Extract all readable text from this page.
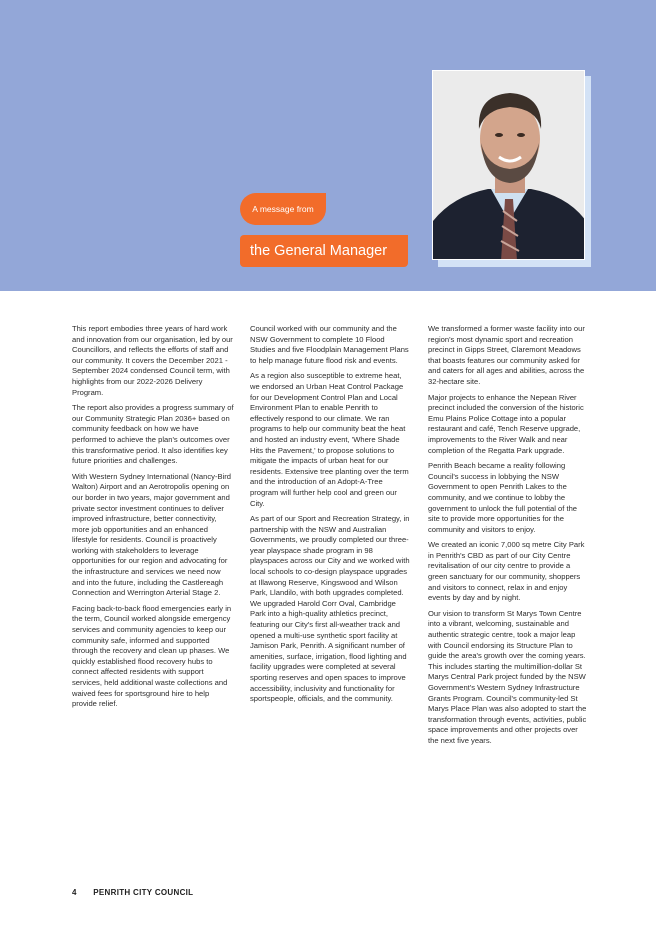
A message from
the General Manager

This report embodies three years of hard work and innovation from our organisation, led by our Councillors, and reflects the efforts of staff and our community. It covers the December 2021 - September 2024 condensed Council term, with highlights from our 2022-2026 Delivery Program.

The report also provides a progress summary of our Community Strategic Plan 2036+ based on community feedback on how we have performed to achieve the plan's outcomes over this transformative period. It also identifies key future priorities and challenges.

With Western Sydney International (Nancy-Bird Walton) Airport and an Aerotropolis opening on our border in two years, major government and private sector investment continues to deliver improved infrastructure, better connectivity, more job opportunities and an enhanced lifestyle for residents. Council is proactively working with stakeholders to leverage opportunities for our region and advocating for the infrastructure and services we need now and into the future, including the Castlereagh Connection and Werrington Arterial Stage 2.

Facing back-to-back flood emergencies early in the term, Council worked alongside emergency services and community agencies to keep our community safe, informed and supported through the recovery and clean up phases. We quickly established flood recovery hubs to connect affected residents with support services, held additional waste collections and waived fees for sportsground hire to help provide relief.

Council worked with our community and the NSW Government to complete 10 Flood Studies and five Floodplain Management Plans to help manage future flood risk and events.

As a region also susceptible to extreme heat, we endorsed an Urban Heat Control Package for our Development Control Plan and Local Environment Plan to enable Penrith to effectively respond to our climate. We ran programs to help our community beat the heat and hosted an industry event, 'Where Shade Hits the Pavement,' to propose solutions to mitigate the impacts of urban heat for our residents. Extensive tree planting over the term and the introduction of an Adopt-A-Tree program will further help cool and green our City.

As part of our Sport and Recreation Strategy, in partnership with the NSW and Australian Governments, we proudly completed our three-year playspace shade program in 98 playspaces across our City and we worked with local schools to co-design playspace upgrades at Illawong Reserve, Kingswood and Wilson Park, Llandilo, with both upgrades completed. We upgraded Harold Corr Oval, Cambridge Park into a high-quality athletics precinct, featuring our City's first all-weather track and opened a multi-use synthetic sport facility at Jamison Park, Penrith. A significant number of amenities, surface, irrigation, flood lighting and facility upgrades were completed at several sporting reserves and open spaces to improve accessibility, inclusivity and functionality for sportspeople, officials, and the community.

We transformed a former waste facility into our region's most dynamic sport and recreation precinct in Gipps Street, Claremont Meadows that boasts features our community asked for and caters for all ages and abilities, across the 32-hectare site.

Major projects to enhance the Nepean River precinct included the conversion of the historic Emu Plains Police Cottage into a popular restaurant and café, Tench Reserve upgrade, improvements to the River Walk and near completion of the Regatta Park upgrade.

Penrith Beach became a reality following Council's success in lobbying the NSW Government to open Penrith Lakes to the community, and we continue to lobby the government to unlock the full potential of the site to provide more opportunities for the community and visitors to enjoy.

We created an iconic 7,000 sq metre City Park in Penrith's CBD as part of our City Centre revitalisation of our city centre to provide a green sanctuary for our community, shoppers and visitors to connect, relax in and enjoy events by day and by night.

Our vision to transform St Marys Town Centre into a vibrant, welcoming, sustainable and authentic strategic centre, took a major leap with Council endorsing its Structure Plan to guide the area's growth over the coming years. This includes starting the multimillion-dollar St Marys Central Park project funded by the NSW Government's Western Sydney Infrastructure Grants Program. Council's community-led St Marys Place Plan was also adopted to start the transformation through events, activities, public space improvements and other projects over the next five years.

4 PENRITH CITY COUNCIL
